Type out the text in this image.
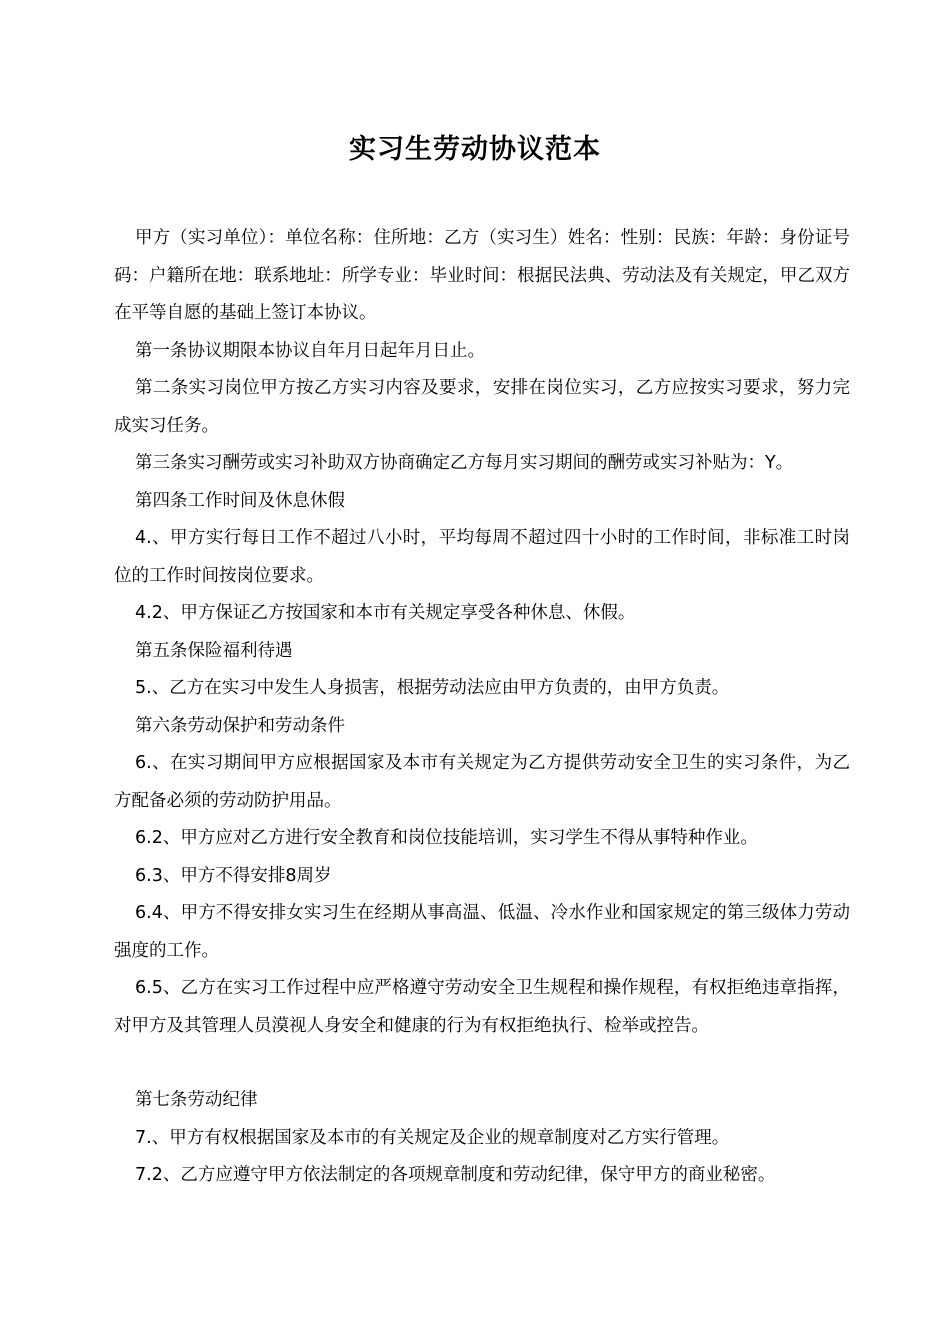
实习生劳动协议范本

甲方（实习单位）：单位名称：住所地：乙方（实习生）姓名：性别：民族：年龄：身份证号码：户籍所在地：联系地址：所学专业：毕业时间：根据民法典、劳动法及有关规定，甲乙双方在平等自愿的基础上签订本协议。

第一条协议期限本协议自年月日起年月日止。

第二条实习岗位甲方按乙方实习内容及要求，安排在岗位实习，乙方应按实习要求，努力完成实习任务。

第三条实习酬劳或实习补助双方协商确定乙方每月实习期间的酬劳或实习补贴为：Y。

第四条工作时间及休息休假

4.、甲方实行每日工作不超过八小时，平均每周不超过四十小时的工作时间，非标准工时岗位的工作时间按岗位要求。

4.2、甲方保证乙方按国家和本市有关规定享受各种休息、休假。

第五条保险福利待遇

5.、乙方在实习中发生人身损害，根据劳动法应由甲方负责的，由甲方负责。

第六条劳动保护和劳动条件

6.、在实习期间甲方应根据国家及本市有关规定为乙方提供劳动安全卫生的实习条件，为乙方配备必须的劳动防护用品。

6.2、甲方应对乙方进行安全教育和岗位技能培训，实习学生不得从事特种作业。

6.3、甲方不得安排8周岁

6.4、甲方不得安排女实习生在经期从事高温、低温、冷水作业和国家规定的第三级体力劳动强度的工作。

6.5、乙方在实习工作过程中应严格遵守劳动安全卫生规程和操作规程，有权拒绝违章指挥，对甲方及其管理人员漠视人身安全和健康的行为有权拒绝执行、检举或控告。

第七条劳动纪律

7.、甲方有权根据国家及本市的有关规定及企业的规章制度对乙方实行管理。

7.2、乙方应遵守甲方依法制定的各项规章制度和劳动纪律，保守甲方的商业秘密。
